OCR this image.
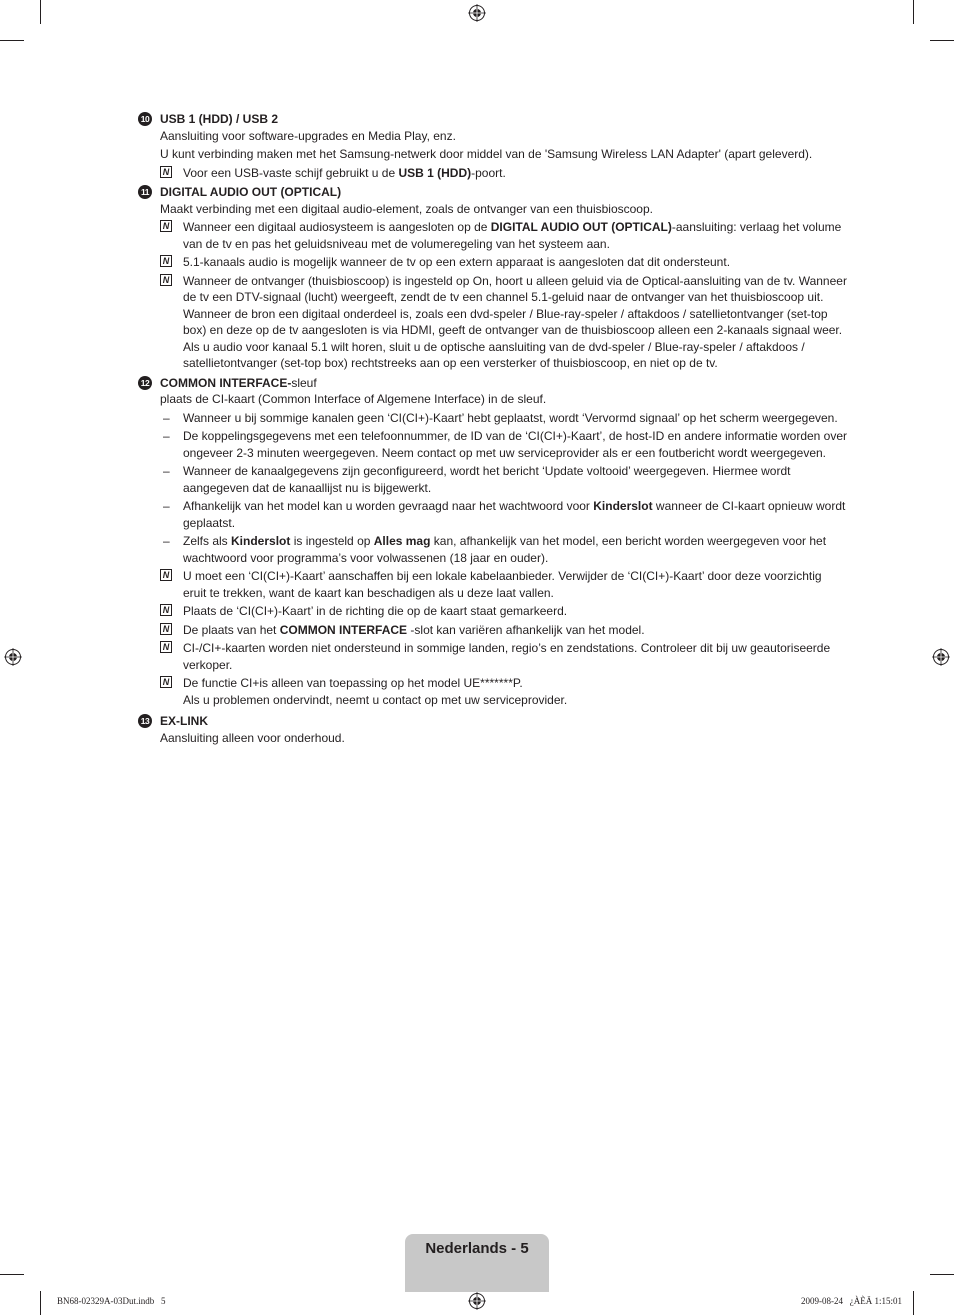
10 USB 1 (HDD) / USB 2

Aansluiting voor software-upgrades en Media Play, enz.

U kunt verbinding maken met het Samsung-netwerk door middel van de 'Samsung Wireless LAN Adapter' (apart geleverd).

N Voor een USB-vaste schijf gebruikt u de USB 1 (HDD)-poort.
11 DIGITAL AUDIO OUT (OPTICAL)

Maakt verbinding met een digitaal audio-element, zoals de ontvanger van een thuisbioscoop.

N Wanneer een digitaal audiosysteem is aangesloten op de DIGITAL AUDIO OUT (OPTICAL)-aansluiting: verlaag het volume van de tv en pas het geluidsniveau met de volumeregeling van het systeem aan.
N 5.1-kanaals audio is mogelijk wanneer de tv op een extern apparaat is aangesloten dat dit ondersteunt.
N Wanneer de ontvanger (thuisbioscoop) is ingesteld op On, hoort u alleen geluid via de Optical-aansluiting van de tv. Wanneer de tv een DTV-signaal (lucht) weergeeft, zendt de tv een channel 5.1-geluid naar de ontvanger van het thuisbioscoop uit. Wanneer de bron een digitaal onderdeel is, zoals een dvd-speler / Blue-ray-speler / aftakdoos / satellietontvanger (set-top box) en deze op de tv aangesloten is via HDMI, geeft de ontvanger van de thuisbioscoop alleen een 2-kanaals signaal weer. Als u audio voor kanaal 5.1 wilt horen, sluit u de optische aansluiting van de dvd-speler / Blue-ray-speler / aftakdoos / satellietontvanger (set-top box) rechtstreeks aan op een versterker of thuisbioscoop, en niet op de tv.
12 COMMON INTERFACE-sleuf

plaats de CI-kaart (Common Interface of Algemene Interface) in de sleuf.

– Wanneer u bij sommige kanalen geen ‘CI(CI+)-Kaart’ hebt geplaatst, wordt ‘Vervormd signaal’ op het scherm weergegeven.
– De koppelingsgegevens met een telefoonnummer, de ID van de ‘CI(CI+)-Kaart’, de host-ID en andere informatie worden over ongeveer 2-3 minuten weergegeven. Neem contact op met uw serviceprovider als er een foutbericht wordt weergegeven.
– Wanneer de kanaalgegevens zijn geconfigureerd, wordt het bericht ‘Update voltooid’ weergegeven. Hiermee wordt aangegeven dat de kanaallijst nu is bijgewerkt.
– Afhankelijk van het model kan u worden gevraagd naar het wachtwoord voor Kinderslot wanneer de CI-kaart opnieuw wordt geplaatst.
– Zelfs als Kinderslot is ingesteld op Alles mag kan, afhankelijk van het model, een bericht worden weergegeven voor het wachtwoord voor programma’s voor volwassenen (18 jaar en ouder).
N U moet een ‘CI(CI+)-Kaart’ aanschaffen bij een lokale kabelaanbieder. Verwijder de ‘CI(CI+)-Kaart’ door deze voorzichtig eruit te trekken, want de kaart kan beschadigen als u deze laat vallen.
N Plaats de ‘CI(CI+)-Kaart’ in de richting die op de kaart staat gemarkeerd.
N De plaats van het COMMON INTERFACE -slot kan variëren afhankelijk van het model.
N CI-/CI+-kaarten worden niet ondersteund in sommige landen, regio’s en zendstations. Controleer dit bij uw geautoriseerde verkoper.
N De functie CI+is alleen van toepassing op het model UE*******P.
Als u problemen ondervindt, neemt u contact op met uw serviceprovider.
13 EX-LINK

Aansluiting alleen voor onderhoud.

Nederlands - 5
BN68-02329A-03Dut.indb   5	2009-08-24   ¿ÀÈÄ 1:15:01
